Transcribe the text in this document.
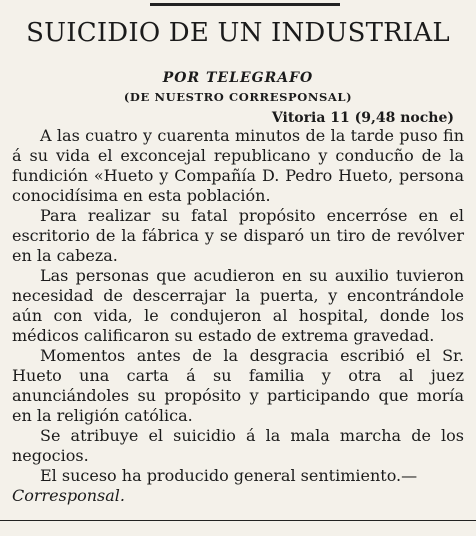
SUICIDIO DE UN INDUSTRIAL
POR TELEGRAFO
(DE NUESTRO CORRESPONSAL)
Vitoria 11 (9,48 noche)

A las cuatro y cuarenta minutos de la tarde puso fin á su vida el exconcejal republicano y conducño de la fundición «Hueto y Compañía D. Pedro Hueto, persona conocidísima en esta población.

Para realizar su fatal propósito encerróse en el escritorio de la fábrica y se disparó un tiro de revólver en la cabeza.

Las personas que acudieron en su auxilio tuvieron necesidad de descerrajar la puerta, y encontrándole aún con vida, le condujeron al hospital, donde los médicos calificaron su estado de extrema gravedad.

Momentos antes de la desgracia escribió el Sr. Hueto una carta á su familia y otra al juez anunciándoles su propósito y participando que moría en la religión católica.

Se atribuye el suicidio á la mala marcha de los negocios.

El suceso ha producido general sentimiento.—Corresponsal.
